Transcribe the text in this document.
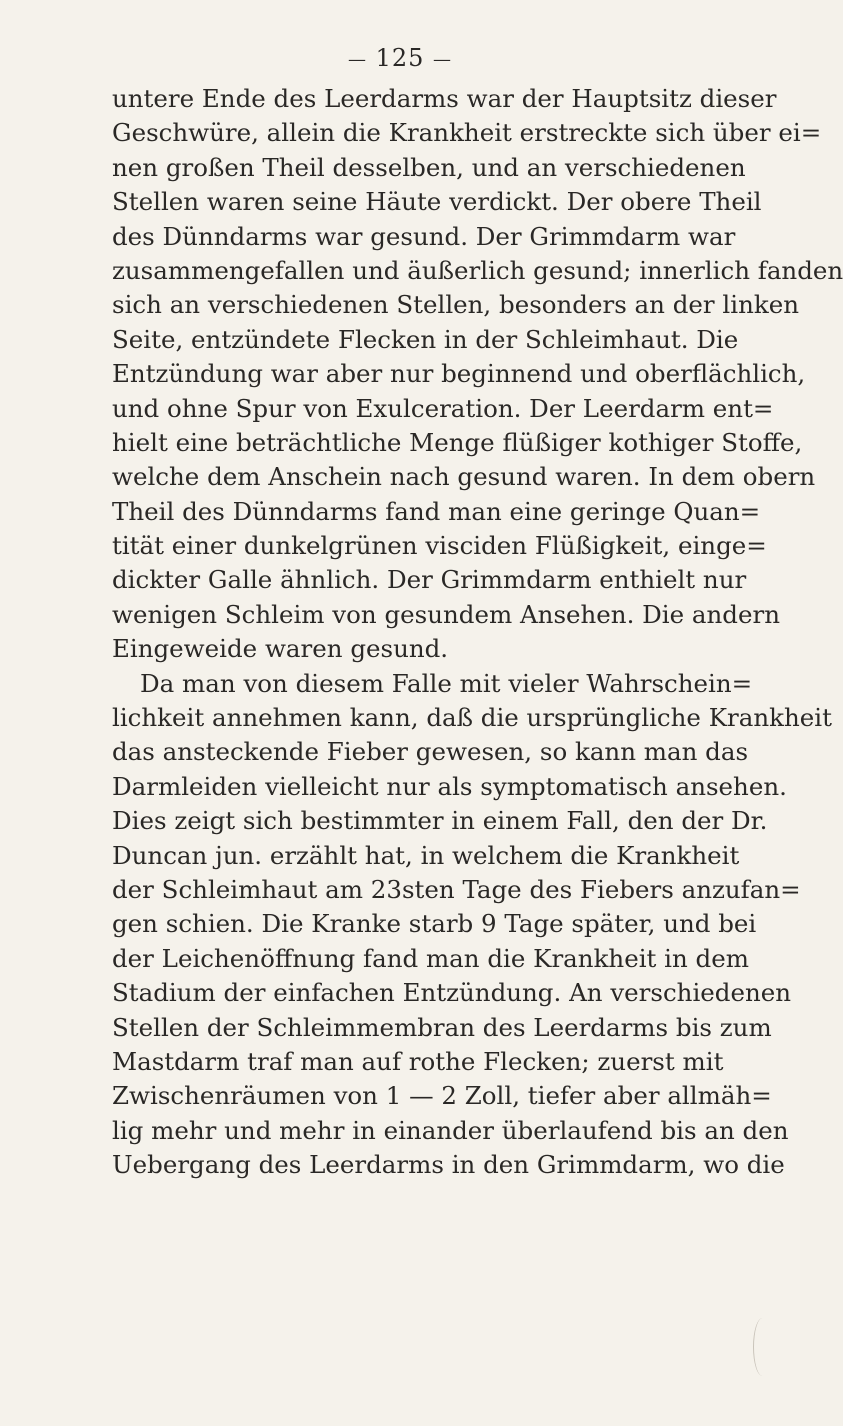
— 125 —
untere Ende des Leerdarms war der Hauptsitz dieser
Geschwüre, allein die Krankheit erstreckte sich über ei=
nen großen Theil desselben, und an verschiedenen
Stellen waren seine Häute verdickt. Der obere Theil
des Dünndarms war gesund. Der Grimmdarm war
zusammengefallen und äußerlich gesund; innerlich fanden
sich an verschiedenen Stellen, besonders an der linken
Seite, entzündete Flecken in der Schleimhaut. Die
Entzündung war aber nur beginnend und oberflächlich,
und ohne Spur von Exulceration. Der Leerdarm ent=
hielt eine beträchtliche Menge flüßiger kothiger Stoffe,
welche dem Anschein nach gesund waren. In dem obern
Theil des Dünndarms fand man eine geringe Quan=
tität einer dunkelgrünen visciden Flüßigkeit, einge=
dickter Galle ähnlich. Der Grimmdarm enthielt nur
wenigen Schleim von gesundem Ansehen. Die andern
Eingeweide waren gesund.
Da man von diesem Falle mit vieler Wahrschein=
lichkeit annehmen kann, daß die ursprüngliche Krankheit
das ansteckende Fieber gewesen, so kann man das
Darmleiden vielleicht nur als symptomatisch ansehen.
Dies zeigt sich bestimmter in einem Fall, den der Dr.
Duncan jun. erzählt hat, in welchem die Krankheit
der Schleimhaut am 23sten Tage des Fiebers anzufan=
gen schien. Die Kranke starb 9 Tage später, und bei
der Leichenöffnung fand man die Krankheit in dem
Stadium der einfachen Entzündung. An verschiedenen
Stellen der Schleimmembran des Leerdarms bis zum
Mastdarm traf man auf rothe Flecken; zuerst mit
Zwischenräumen von 1 — 2 Zoll, tiefer aber allmäh=
lig mehr und mehr in einander überlaufend bis an den
Uebergang des Leerdarms in den Grimmdarm, wo die
